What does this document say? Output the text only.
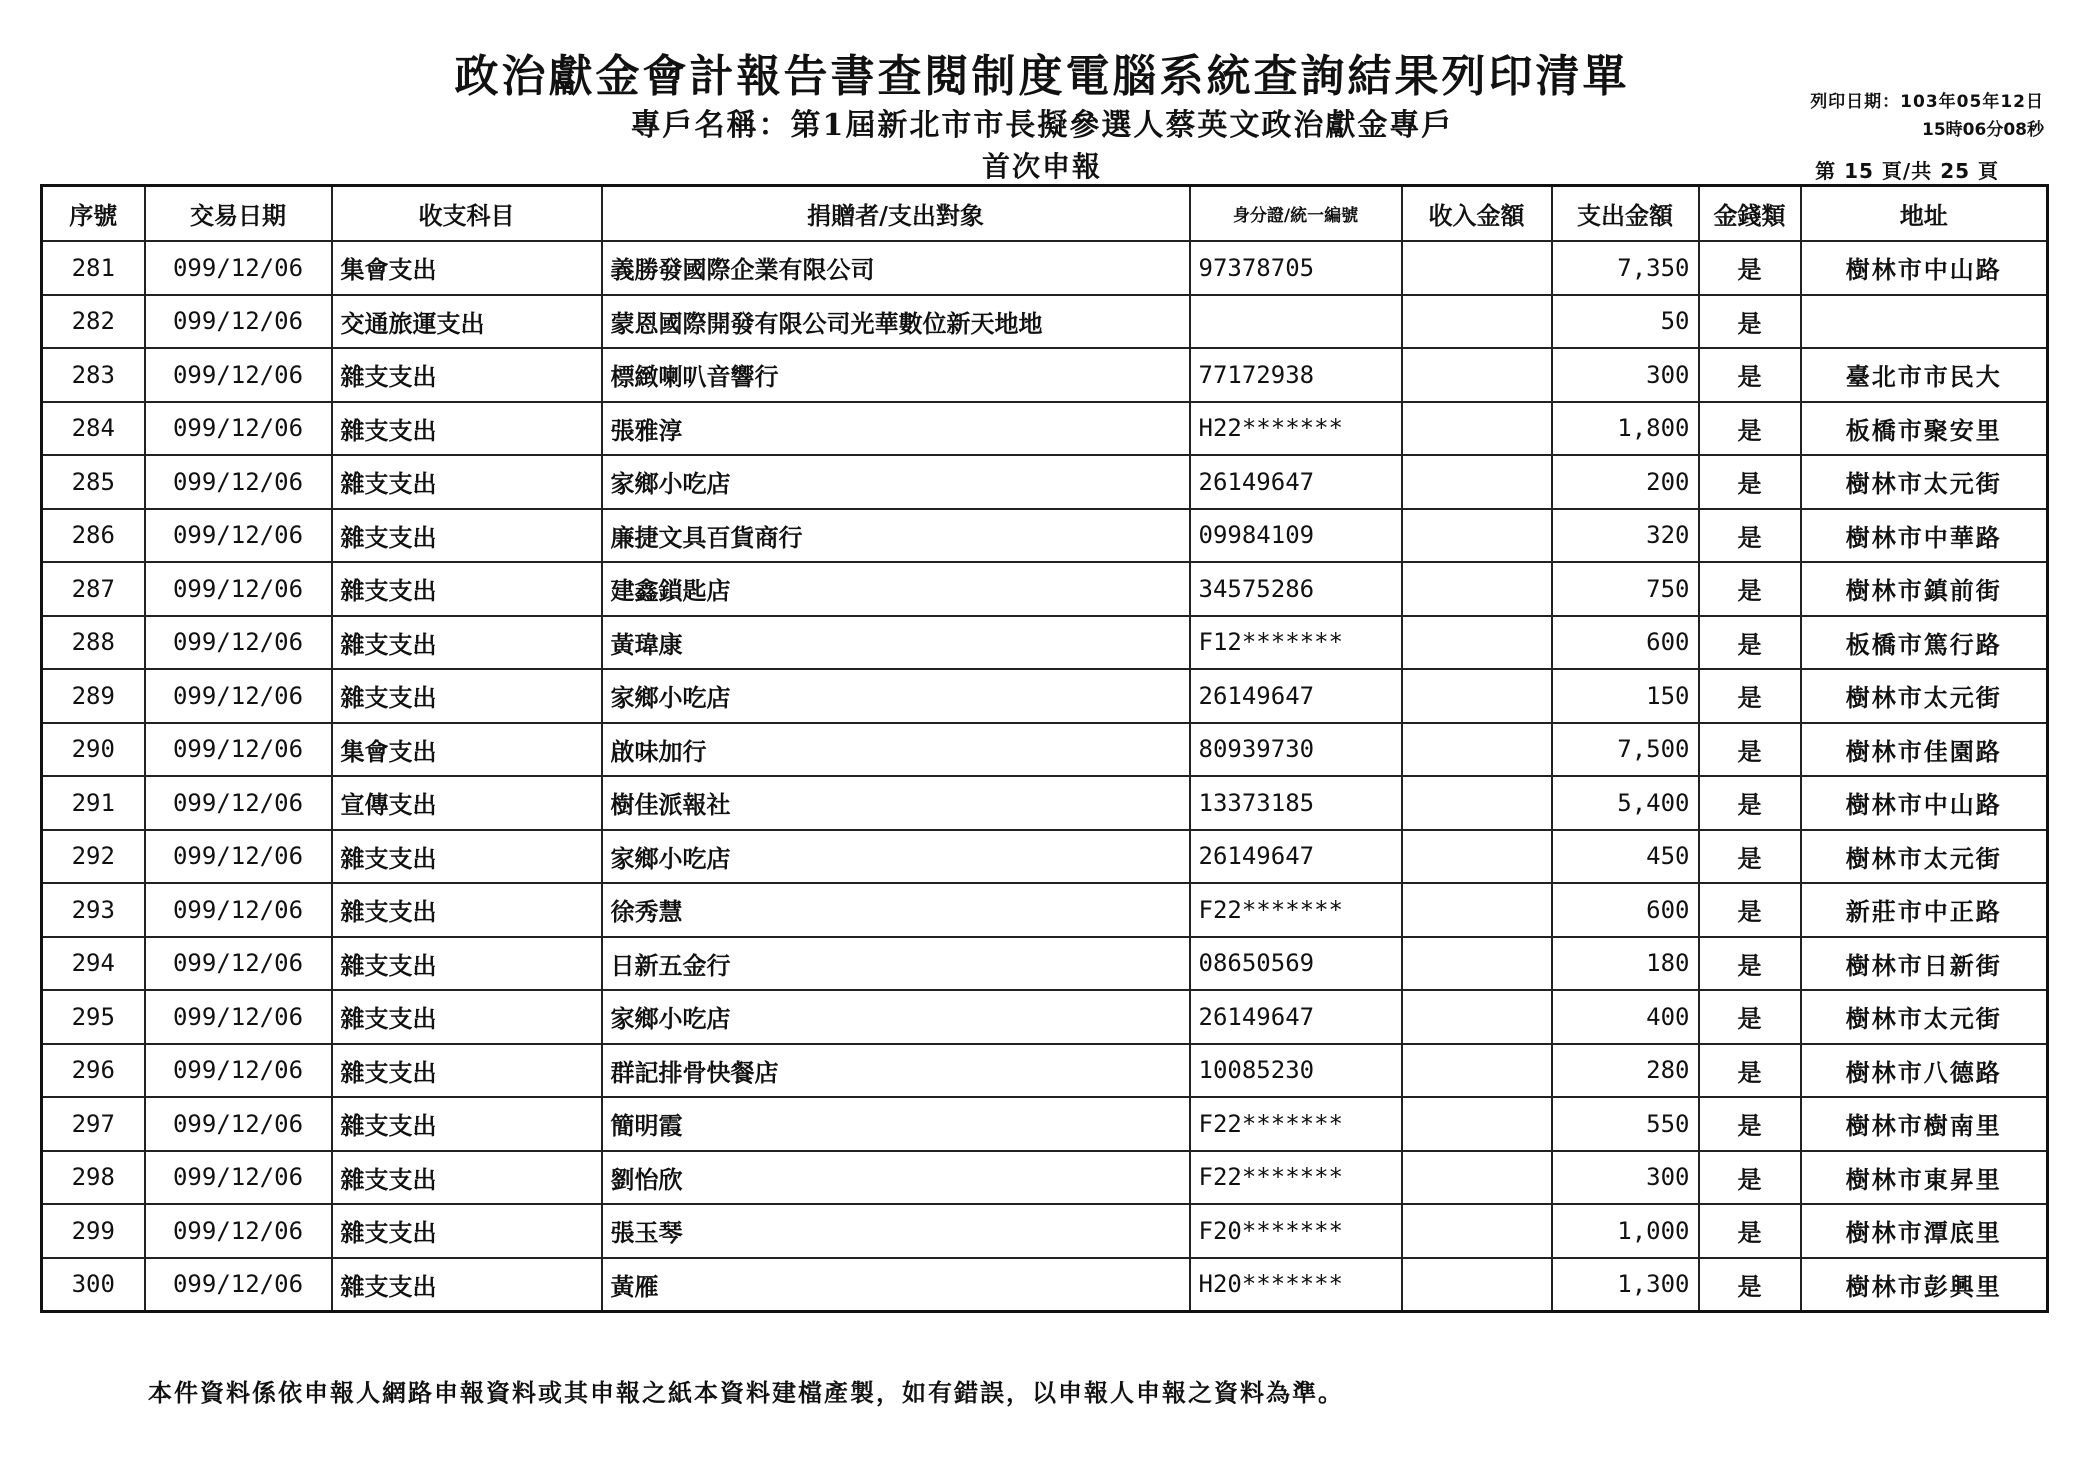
政治獻金會計報告書查閱制度電腦系統查詢結果列印清單
專戶名稱：第1屆新北市市長擬參選人蔡英文政治獻金專戶
首次申報
列印日期：103年05年12日
15時06分08秒
第 15 頁/共 25 頁
序號	交易日期	收支科目	捐贈者/支出對象	身分證/統一編號	收入金額	支出金額	金錢類	地址
281	099/12/06	集會支出	義勝發國際企業有限公司	97378705		7,350	是	樹林市中山路
282	099/12/06	交通旅運支出	蒙恩國際開發有限公司光華數位新天地地			50	是	
283	099/12/06	雜支支出	標緻喇叭音響行	77172938		300	是	臺北市市民大
284	099/12/06	雜支支出	張雅淳	H22*******		1,800	是	板橋市聚安里
285	099/12/06	雜支支出	家鄉小吃店	26149647		200	是	樹林市太元街
286	099/12/06	雜支支出	廉捷文具百貨商行	09984109		320	是	樹林市中華路
287	099/12/06	雜支支出	建鑫鎖匙店	34575286		750	是	樹林市鎮前街
288	099/12/06	雜支支出	黃瑋康	F12*******		600	是	板橋市篤行路
289	099/12/06	雜支支出	家鄉小吃店	26149647		150	是	樹林市太元街
290	099/12/06	集會支出	啟味加行	80939730		7,500	是	樹林市佳園路
291	099/12/06	宣傳支出	樹佳派報社	13373185		5,400	是	樹林市中山路
292	099/12/06	雜支支出	家鄉小吃店	26149647		450	是	樹林市太元街
293	099/12/06	雜支支出	徐秀慧	F22*******		600	是	新莊市中正路
294	099/12/06	雜支支出	日新五金行	08650569		180	是	樹林市日新街
295	099/12/06	雜支支出	家鄉小吃店	26149647		400	是	樹林市太元街
296	099/12/06	雜支支出	群記排骨快餐店	10085230		280	是	樹林市八德路
297	099/12/06	雜支支出	簡明霞	F22*******		550	是	樹林市樹南里
298	099/12/06	雜支支出	劉怡欣	F22*******		300	是	樹林市東昇里
299	099/12/06	雜支支出	張玉琴	F20*******		1,000	是	樹林市潭底里
300	099/12/06	雜支支出	黃雁	H20*******		1,300	是	樹林市彭興里
本件資料係依申報人網路申報資料或其申報之紙本資料建檔產製，如有錯誤，以申報人申報之資料為準。
